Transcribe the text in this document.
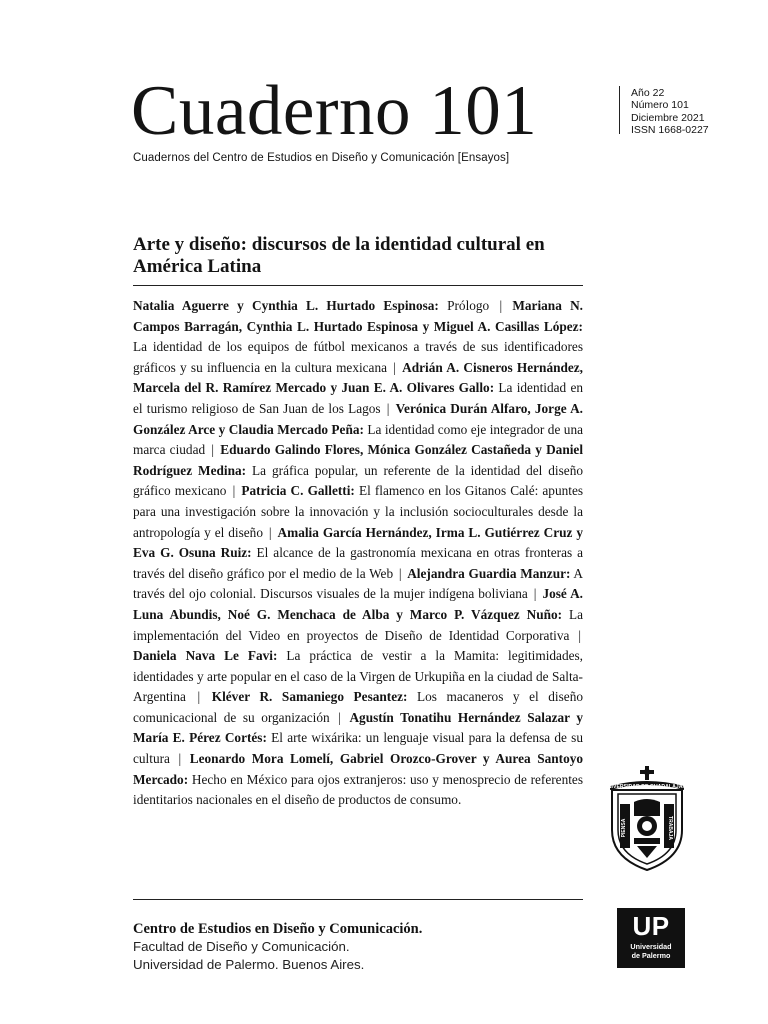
Cuaderno 101
Cuadernos del Centro de Estudios en Diseño y Comunicación [Ensayos]
Año 22
Número 101
Diciembre 2021
ISSN 1668-0227
Arte y diseño: discursos de la identidad cultural en América Latina

Natalia Aguerre y Cynthia L. Hurtado Espinosa: Prólogo | Mariana N. Campos Barragán, Cynthia L. Hurtado Espinosa y Miguel A. Casillas López: La identidad de los equipos de fútbol mexicanos a través de sus identificadores gráficos y su influencia en la cultura mexicana | Adrián A. Cisneros Hernández, Marcela del R. Ramírez Mercado y Juan E. A. Olivares Gallo: La identidad en el turismo religioso de San Juan de los Lagos | Verónica Durán Alfaro, Jorge A. González Arce y Claudia Mercado Peña: La identidad como eje integrador de una marca ciudad | Eduardo Galindo Flores, Mónica González Castañeda y Daniel Rodríguez Medina: La gráfica popular, un referente de la identidad del diseño gráfico mexicano | Patricia C. Galletti: El flamenco en los Gitanos Calé: apuntes para una investigación sobre la innovación y la inclusión socioculturales desde la antropología y el diseño | Amalia García Hernández, Irma L. Gutiérrez Cruz y Eva G. Osuna Ruiz: El alcance de la gastronomía mexicana en otras fronteras a través del diseño gráfico por el medio de la Web | Alejandra Guardia Manzur: A través del ojo colonial. Discursos visuales de la mujer indígena boliviana | José A. Luna Abundis, Noé G. Menchaca de Alba y Marco P. Vázquez Nuño: La implementación del Video en proyectos de Diseño de Identidad Corporativa | Daniela Nava Le Favi: La práctica de vestir a la Mamita: legitimidades, identidades y arte popular en el caso de la Virgen de Urkupiña en la ciudad de Salta-Argentina | Kléver R. Samaniego Pesantez: Los macaneros y el diseño comunicacional de su organización | Agustín Tonatihu Hernández Salazar y María E. Pérez Cortés: El arte wixárika: un lenguaje visual para la defensa de su cultura | Leonardo Mora Lomelí, Gabriel Orozco-Grover y Aurea Santoyo Mercado: Hecho en México para ojos extranjeros: uso y menosprecio de referentes identitarios nacionales en el diseño de productos de consumo.

Centro de Estudios en Diseño y Comunicación.
Facultad de Diseño y Comunicación.
Universidad de Palermo. Buenos Aires.
UNIVERSIDAD DE GUADALAJARA
PIENSA	TRABAJA
UP
Universidad
de Palermo
